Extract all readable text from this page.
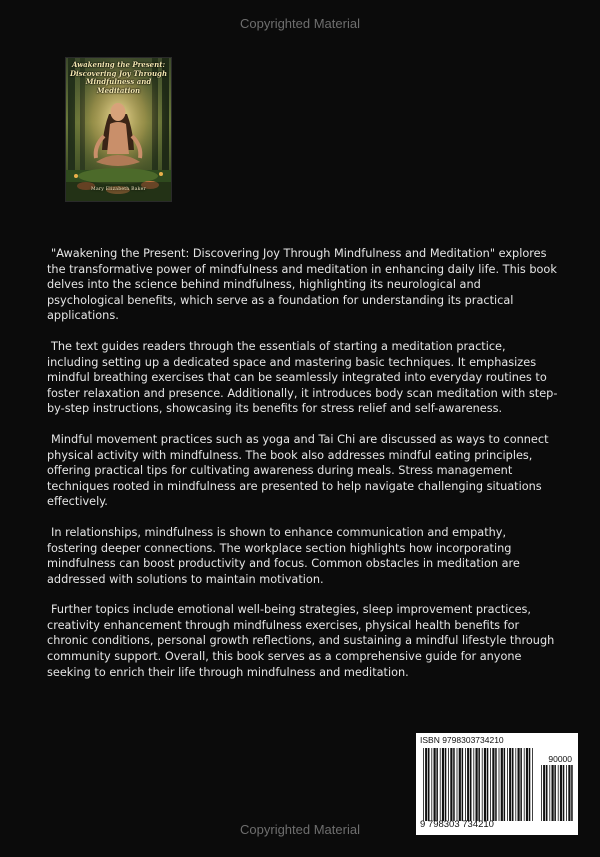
Copyrighted Material
Awakening the Present: Discovering Joy Through Mindfulness and Meditation
Mary Elizabeth Baker

"Awakening the Present: Discovering Joy Through Mindfulness and Meditation" explores the transformative power of mindfulness and meditation in enhancing daily life. This book delves into the science behind mindfulness, highlighting its neurological and psychological benefits, which serve as a foundation for understanding its practical applications.

The text guides readers through the essentials of starting a meditation practice, including setting up a dedicated space and mastering basic techniques. It emphasizes mindful breathing exercises that can be seamlessly integrated into everyday routines to foster relaxation and presence. Additionally, it introduces body scan meditation with step-by-step instructions, showcasing its benefits for stress relief and self-awareness.

Mindful movement practices such as yoga and Tai Chi are discussed as ways to connect physical activity with mindfulness. The book also addresses mindful eating principles, offering practical tips for cultivating awareness during meals. Stress management techniques rooted in mindfulness are presented to help navigate challenging situations effectively.

In relationships, mindfulness is shown to enhance communication and empathy, fostering deeper connections. The workplace section highlights how incorporating mindfulness can boost productivity and focus. Common obstacles in meditation are addressed with solutions to maintain motivation.

Further topics include emotional well-being strategies, sleep improvement practices, creativity enhancement through mindfulness exercises, physical health benefits for chronic conditions, personal growth reflections, and sustaining a mindful lifestyle through community support. Overall, this book serves as a comprehensive guide for anyone seeking to enrich their life through mindfulness and meditation.

ISBN 9798303734210
90000
9 798303 734210
Copyrighted Material
